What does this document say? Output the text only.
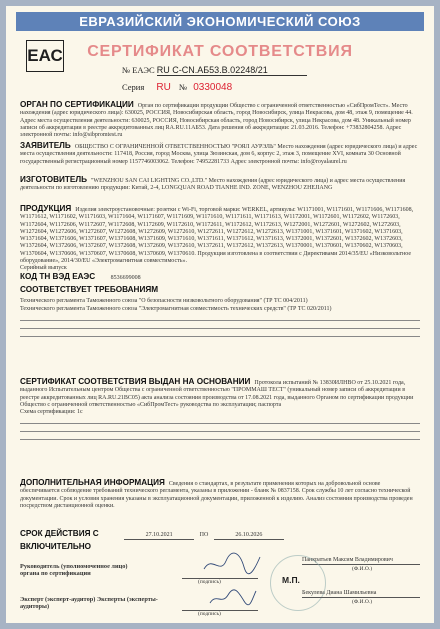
ЕВРАЗИЙСКИЙ ЭКОНОМИЧЕСКИЙ СОЮЗ
ЕАС	СЕРТИФИКАТ СООТВЕТСТВИЯ
№ ЕАЭС RU C-CN.АБ53.В.02248/21
Серия RU № 0330048
ОРГАН ПО СЕРТИФИКАЦИИ Орган по сертификации продукции Общество с ограниченной ответственностью «СибПромТест». Место нахождения (адрес юридического лица): 630025, РОССИЯ, Новосибирская область, город Новосибирск, улица Некрасова, дом 48, этаж 9, помещение 44. Адрес места осуществления деятельности: 630025, РОССИЯ, Новосибирская область, город Новосибирск, улица Некрасова, дом 48. Уникальный номер записи об аккредитации в реестре аккредитованных лиц RA.RU.11АБ53. Дата решения об аккредитации: 21.03.2016. Телефон: +73832804258. Адрес электронной почты: info@sibpromtest.ru
ЗАЯВИТЕЛЬ ОБЩЕСТВО С ОГРАНИЧЕННОЙ ОТВЕТСТВЕННОСТЬЮ "РОЯЛ АУРЭЛЬ" Место нахождения (адрес юридического лица) и адрес места осуществления деятельности: 117418, Россия, город Москва, улица Зюзинская, дом 6, корпус 2, этаж 3, помещение XVI, комната 30 Основной государственный регистрационный номер 1157746003062. Телефон: 74952281733 Адрес электронной почты: info@royalaurel.ru
ИЗГОТОВИТЕЛЬ "WENZHOU SAN CAI LIGHTING CO.,LTD." Место нахождения (адрес юридического лица) и адрес места осуществления деятельности по изготовлению продукции: Китай, 2-4, LONGQUAN ROAD TIANHE IND. ZONE, WENZHOU ZHEJIANG
ПРОДУКЦИЯ Изделия электроустановочные: розетки с Wi-Fi, торговой марки: WERKEL, артикулы: W1171001, W1171601, W1171606, W1171608, W1171612, W1171602, W1171603, W1171604, W1171607, W1171609, W1171610, W1171611, W1171613, W1172001, W1172601, W1172602, W1172603, W1172604, W1172606, W1172607, W1172608, W1172609, W1172610, W1172611, W1172612, W1172613, W1272001, W1272601, W1272602, W1272603, W1272604, W1272606, W1272607, W1272608, W1272609, W1272610, W1272611, W1272612, W1272613, W1371001, W1371601, W1371602, W1371603, W1371604, W1371606, W1371607, W1371608, W1371609, W1371610, W1371611, W1371612, W1371613, W1372001, W1372601, W1372602, W1372603, W1372604, W1372606, W1372607, W1372608, W1372609, W1372610, W1372611, W1372612, W1372613, W1370001, W1370601, W1370602, W1370603, W1370604, W1370606, W1370607, W1370608, W1370609, W1370610. Продукция изготовлена в соответствии с Директивами 2014/35/EU «Низковольтное оборудование», 2014/30/EU «Электромагнитная совместимость».
Серийный выпуск
КОД ТН ВЭД ЕАЭС	8536699008
СООТВЕТСТВУЕТ ТРЕБОВАНИЯМ
Технического регламента Таможенного союза "О безопасности низковольтного оборудования" (ТР ТС 004/2011)
Технического регламента Таможенного союза "Электромагнитная совместимость технических средств" (ТР ТС 020/2011)
СЕРТИФИКАТ СООТВЕТСТВИЯ ВЫДАН НА ОСНОВАНИИ Протокола испытаний № 13830ИЛНВО от 25.10.2021 года, выданного Испытательным центром Общества с ограниченной ответственностью "ПРОММАШ ТЕСТ" (уникальный номер записи об аккредитации в реестре аккредитованных лиц RA.RU.21ВС05) акта анализа состояния производства от 17.08.2021 года, выданного Органом по сертификации продукции Общество с ограниченной ответственностью «СибПромТест» руководства по эксплуатации; паспорта
Схема сертификации: 1с
ДОПОЛНИТЕЛЬНАЯ ИНФОРМАЦИЯ Сведения о стандартах, в результате применения которых на добровольной основе обеспечивается соблюдение требований технического регламента, указаны в приложении - бланк № 0837158. Срок службы 10 лет согласно технической документации. Срок и условия хранения указаны в эксплуатационной документации, приложенной к изделию. Анализ состояния производства проведен посредством дистанционной оценки.
СРОК ДЕЙСТВИЯ С	27.10.2021	ПО	26.10.2026
ВКЛЮЧИТЕЛЬНО
Руководитель (уполномоченное лицо) органа по сертификации
(подпись)
Панкратьев Максим Владимирович
(Ф.И.О.)
М.П.
Эксперт (эксперт-аудитор) Эксперты (эксперты-аудиторы)
(подпись)
Бекулева Диана Шамильевна
(Ф.И.О.)
